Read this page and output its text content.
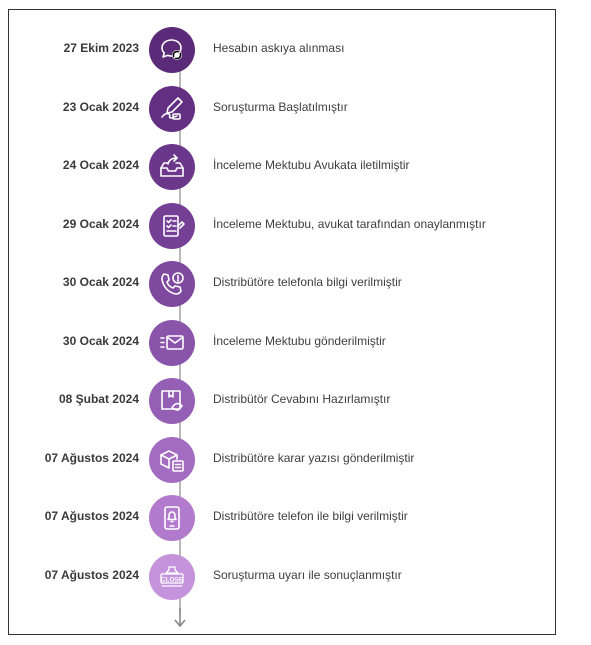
27 Ekim 2023	Hesabın askıya alınması
23 Ocak 2024	Soruşturma Başlatılmıştır
24 Ocak 2024	İnceleme Mektubu Avukata iletilmiştir
29 Ocak 2024	İnceleme Mektubu, avukat tarafından onaylanmıştır
30 Ocak 2024	Distribütöre telefonla bilgi verilmiştir
30 Ocak 2024	İnceleme Mektubu gönderilmiştir
08 Şubat 2024	Distribütör Cevabını Hazırlamıştır
07 Ağustos 2024	Distribütöre karar yazısı gönderilmiştir
07 Ağustos 2024	Distribütöre telefon ile bilgi verilmiştir
07 Ağustos 2024	CLOSE Soruşturma uyarı ile sonuçlanmıştır
